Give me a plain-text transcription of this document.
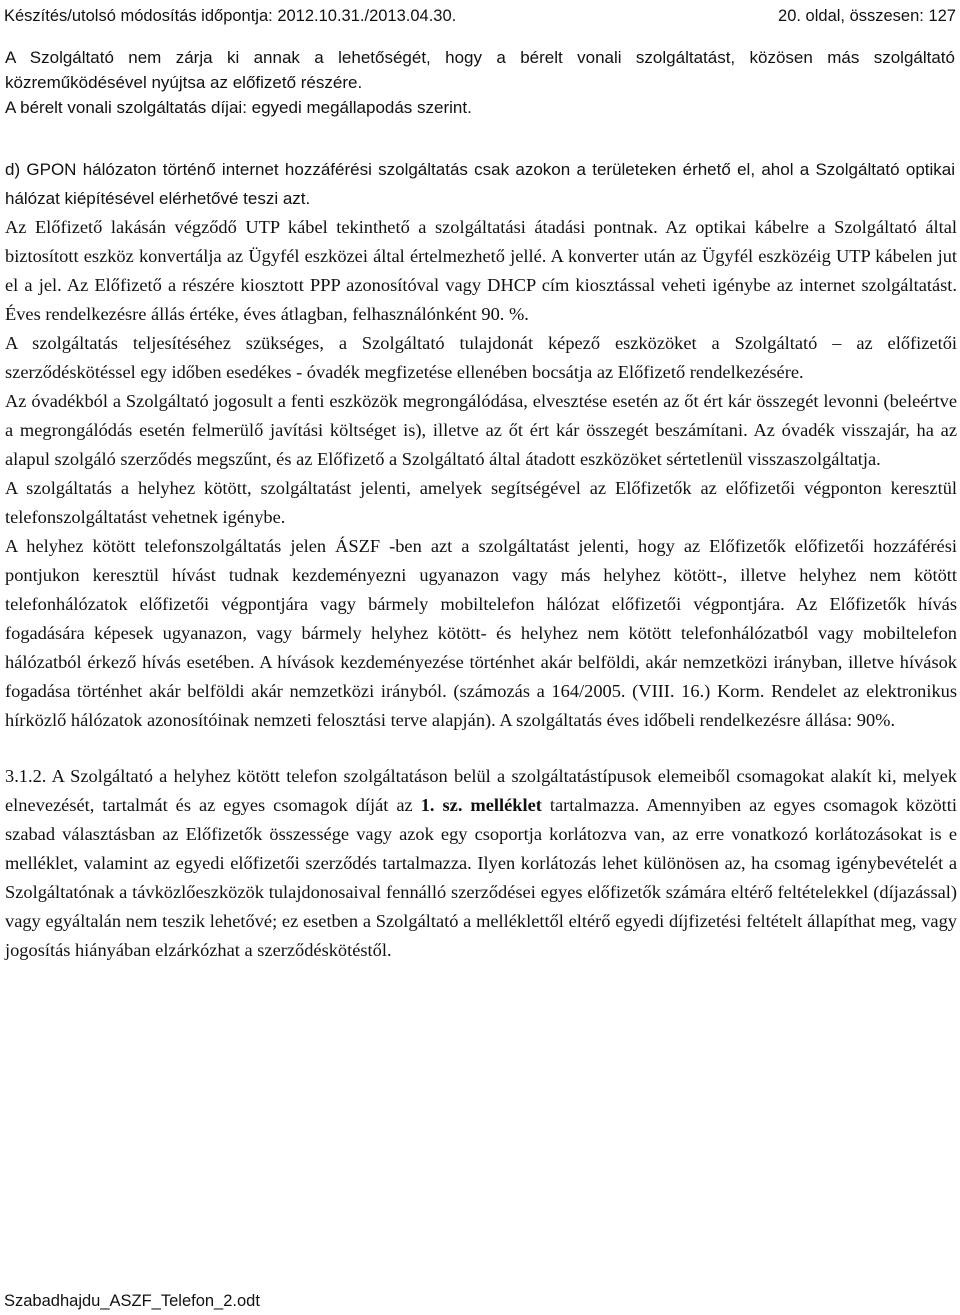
Készítés/utolsó módosítás időpontja: 2012.10.31./2013.04.30.	20. oldal, összesen: 127

A Szolgáltató nem zárja ki annak a lehetőségét, hogy a bérelt vonali szolgáltatást, közösen más szolgáltató közreműködésével nyújtsa az előfizető részére.

A bérelt vonali szolgáltatás díjai: egyedi megállapodás szerint.

d) GPON hálózaton történő internet hozzáférési szolgáltatás csak azokon a területeken érhető el, ahol a Szolgáltató optikai hálózat kiépítésével elérhetővé teszi azt.

Az Előfizető lakásán végződő UTP kábel tekinthető a szolgáltatási átadási pontnak. Az optikai kábelre a Szolgáltató által biztosított eszköz konvertálja az Ügyfél eszközei által értelmezhető jellé. A konverter után az Ügyfél eszközéig UTP kábelen jut el a jel. Az Előfizető a részére kiosztott PPP azonosítóval vagy DHCP cím kiosztással veheti igénybe az internet szolgáltatást. Éves rendelkezésre állás értéke, éves átlagban, felhasználónként 90. %.

A szolgáltatás teljesítéséhez szükséges, a Szolgáltató tulajdonát képező eszközöket a Szolgáltató – az előfizetői szerződéskötéssel egy időben esedékes - óvadék megfizetése ellenében bocsátja az Előfizető rendelkezésére.

Az óvadékból a Szolgáltató jogosult a fenti eszközök megrongálódása, elvesztése esetén az őt ért kár összegét levonni (beleértve a megrongálódás esetén felmerülő javítási költséget is), illetve az őt ért kár összegét beszámítani. Az óvadék visszajár, ha az alapul szolgáló szerződés megszűnt, és az Előfizető a Szolgáltató által átadott eszközöket sértetlenül visszaszolgáltatja.

A szolgáltatás a helyhez kötött, szolgáltatást jelenti, amelyek segítségével az Előfizetők az előfizetői végponton keresztül telefonszolgáltatást vehetnek igénybe.

A helyhez kötött telefonszolgáltatás jelen ÁSZF -ben azt a szolgáltatást jelenti, hogy az Előfizetők előfizetői hozzáférési pontjukon keresztül hívást tudnak kezdeményezni ugyanazon vagy más helyhez kötött-, illetve helyhez nem kötött telefonhálózatok előfizetői végpontjára vagy bármely mobiltelefon hálózat előfizetői végpontjára. Az Előfizetők hívás fogadására képesek ugyanazon, vagy bármely helyhez kötött- és helyhez nem kötött telefonhálózatból vagy mobiltelefon hálózatból érkező hívás esetében. A hívások kezdeményezése történhet akár belföldi, akár nemzetközi irányban, illetve hívások fogadása történhet akár belföldi akár nemzetközi irányból. (számozás a 164/2005. (VIII. 16.) Korm. Rendelet az elektronikus hírközlő hálózatok azonosítóinak nemzeti felosztási terve alapján). A szolgáltatás éves időbeli rendelkezésre állása: 90%.

3.1.2. A Szolgáltató a helyhez kötött telefon szolgáltatáson belül a szolgáltatástípusok elemeiből csomagokat alakít ki, melyek elnevezését, tartalmát és az egyes csomagok díját az 1. sz. melléklet tartalmazza. Amennyiben az egyes csomagok közötti szabad választásban az Előfizetők összessége vagy azok egy csoportja korlátozva van, az erre vonatkozó korlátozásokat is e melléklet, valamint az egyedi előfizetői szerződés tartalmazza. Ilyen korlátozás lehet különösen az, ha csomag igénybevételét a Szolgáltatónak a távközlőeszközök tulajdonosaival fennálló szerződései egyes előfizetők számára eltérő feltételekkel (díjazással) vagy egyáltalán nem teszik lehetővé; ez esetben a Szolgáltató a melléklettől eltérő egyedi díjfizetési feltételt állapíthat meg, vagy jogosítás hiányában elzárkózhat a szerződéskötéstől.

Szabadhajdu_ASZF_Telefon_2.odt
